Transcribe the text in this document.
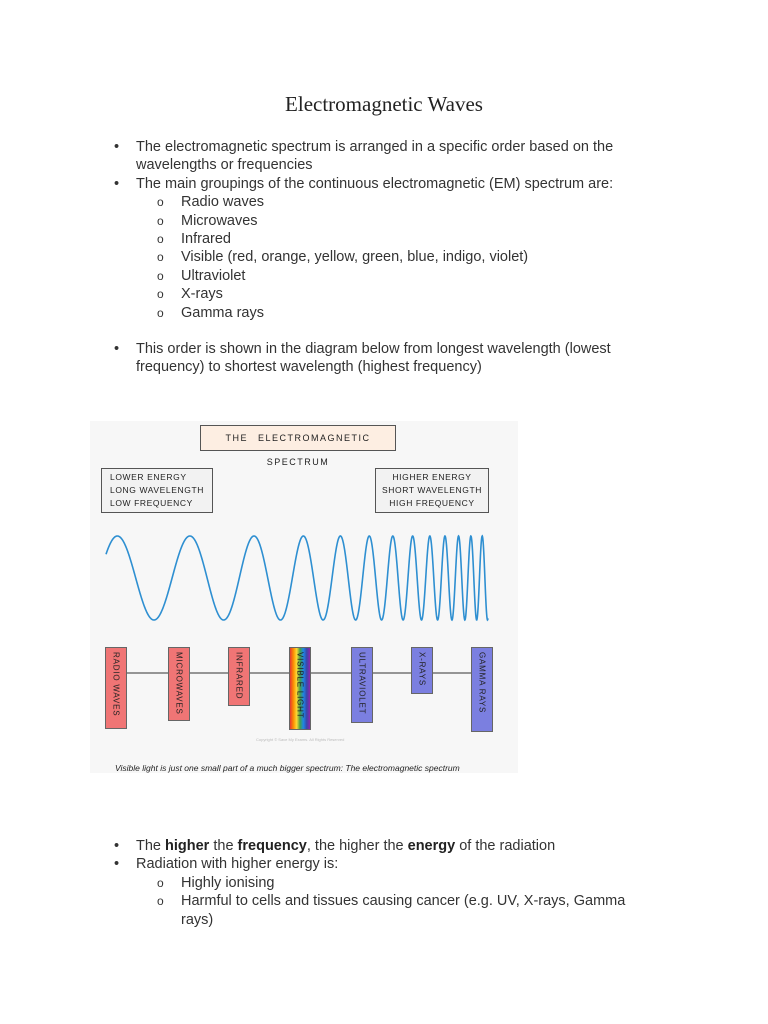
Electromagnetic Waves
• The electromagnetic spectrum is arranged in a specific order based on the wavelengths or frequencies
• The main groupings of the continuous electromagnetic (EM) spectrum are:
o Radio waves
o Microwaves
o Infrared
o Visible (red, orange, yellow, green, blue, indigo, violet)
o Ultraviolet
o X-rays
o Gamma rays
• This order is shown in the diagram below from longest wavelength (lowest frequency) to shortest wavelength (highest frequency)
THE ELECTROMAGNETIC SPECTRUM
LOWER ENERGY
LONG WAVELENGTH
LOW FREQUENCY
HIGHER ENERGY
SHORT WAVELENGTH
HIGH FREQUENCY
RADIO WAVES	MICROWAVES	INFRARED	VISIBLE LIGHT	ULTRAVIOLET	X-RAYS	GAMMA RAYS
Copyright © Save My Exams. All Rights Reserved
Visible light is just one small part of a much bigger spectrum: The electromagnetic spectrum
• The higher the frequency, the higher the energy of the radiation
• Radiation with higher energy is:
o Highly ionising
o Harmful to cells and tissues causing cancer (e.g. UV, X-rays, Gamma rays)
